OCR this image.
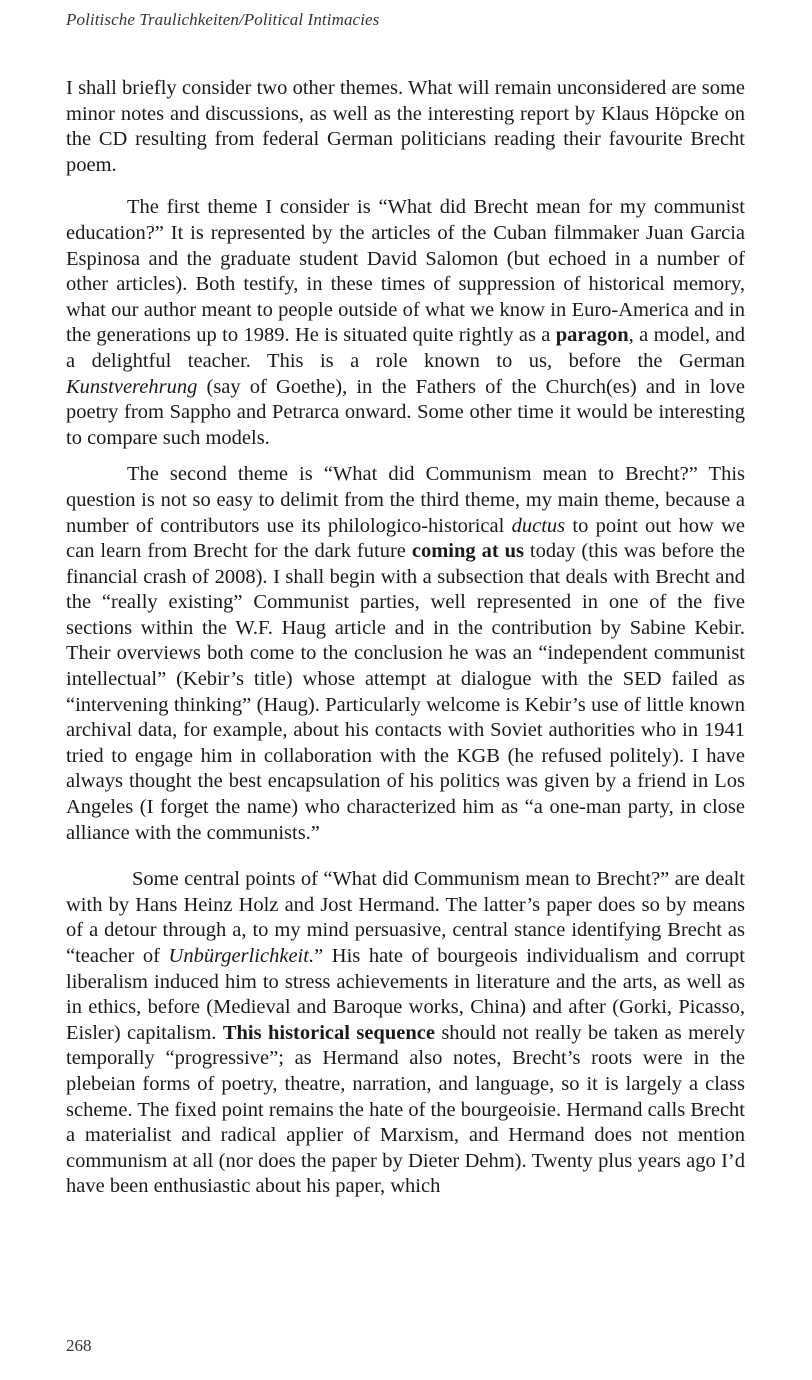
Politische Traulichkeiten/Political Intimacies

I shall briefly consider two other themes. What will remain unconsidered are some minor notes and discussions, as well as the interesting report by Klaus Höpcke on the CD resulting from federal German politicians reading their favourite Brecht poem.

The first theme I consider is “What did Brecht mean for my communist education?” It is represented by the articles of the Cuban filmmaker Juan Garcia Espinosa and the graduate student David Salomon (but echoed in a number of other articles). Both testify, in these times of suppression of historical memory, what our author meant to people outside of what we know in Euro-America and in the generations up to 1989. He is situated quite rightly as a paragon, a model, and a delightful teacher. This is a role known to us, before the German Kunstverehrung (say of Goethe), in the Fathers of the Church(es) and in love poetry from Sappho and Petrarca onward. Some other time it would be interesting to compare such models.

The second theme is “What did Communism mean to Brecht?” This question is not so easy to delimit from the third theme, my main theme, because a number of contributors use its philologico-historical ductus to point out how we can learn from Brecht for the dark future coming at us today (this was before the financial crash of 2008). I shall begin with a subsection that deals with Brecht and the “really existing” Communist parties, well represented in one of the five sections within the W.F. Haug article and in the contribution by Sabine Kebir. Their overviews both come to the conclusion he was an “independent communist intellectual” (Kebir’s title) whose attempt at dialogue with the SED failed as “intervening thinking” (Haug). Particularly welcome is Kebir’s use of little known archival data, for example, about his contacts with Soviet authorities who in 1941 tried to engage him in collaboration with the KGB (he refused politely). I have always thought the best encapsulation of his politics was given by a friend in Los Angeles (I forget the name) who characterized him as “a one-man party, in close alliance with the communists.”

Some central points of “What did Communism mean to Brecht?” are dealt with by Hans Heinz Holz and Jost Hermand. The latter’s paper does so by means of a detour through a, to my mind persuasive, central stance identifying Brecht as “teacher of Unbürgerlichkeit.” His hate of bourgeois individualism and corrupt liberalism induced him to stress achievements in literature and the arts, as well as in ethics, before (Medieval and Baroque works, China) and after (Gorki, Picasso, Eisler) capitalism. This historical sequence should not really be taken as merely temporally “progressive”; as Hermand also notes, Brecht’s roots were in the plebeian forms of poetry, theatre, narration, and language, so it is largely a class scheme. The fixed point remains the hate of the bourgeoisie. Hermand calls Brecht a materialist and radical applier of Marxism, and Hermand does not mention communism at all (nor does the paper by Dieter Dehm). Twenty plus years ago I’d have been enthusiastic about his paper, which

268
